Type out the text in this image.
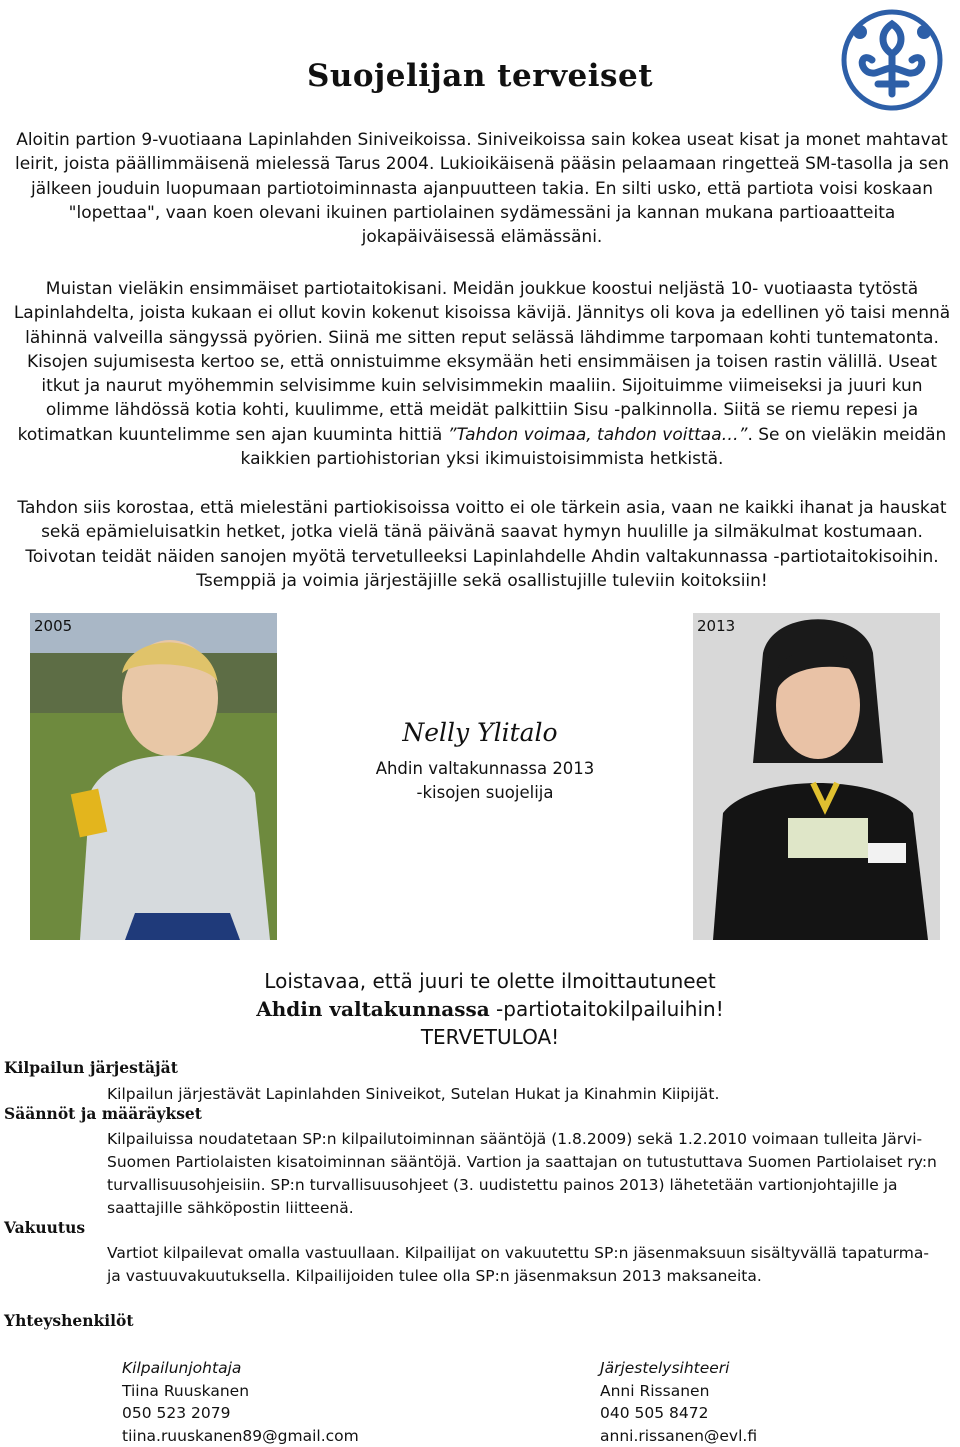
Suojelijan terveiset

Aloitin partion 9-vuotiaana Lapinlahden Siniveikoissa. Siniveikoissa sain kokea useat kisat ja monet mahtavat leirit, joista päällimmäisenä mielessä Tarus 2004. Lukioikäisenä pääsin pelaamaan ringetteä SM-tasolla ja sen jälkeen jouduin luopumaan partiotoiminnasta ajanpuutteen takia. En silti usko, että partiota voisi koskaan "lopettaa", vaan koen olevani ikuinen partiolainen sydämessäni ja kannan mukana partioaatteita jokapäiväisessä elämässäni.

Muistan vieläkin ensimmäiset partiotaitokisani. Meidän joukkue koostui neljästä 10- vuotiaasta tytöstä Lapinlahdelta, joista kukaan ei ollut kovin kokenut kisoissa kävijä. Jännitys oli kova ja edellinen yö taisi mennä lähinnä valveilla sängyssä pyörien. Siinä me sitten reput selässä lähdimme tarpomaan kohti tuntematonta. Kisojen sujumisesta kertoo se, että onnistuimme eksymään heti ensimmäisen ja toisen rastin välillä. Useat itkut ja naurut myöhemmin selvisimme kuin selvisimmekin maaliin. Sijoituimme viimeiseksi ja juuri kun olimme lähdössä kotia kohti, kuulimme, että meidät palkittiin Sisu -palkinnolla. Siitä se riemu repesi ja kotimatkan kuuntelimme sen ajan kuuminta hittiä ”Tahdon voimaa, tahdon voittaa…”. Se on vieläkin meidän kaikkien partiohistorian yksi ikimuistoisimmista hetkistä.

Tahdon siis korostaa, että mielestäni partiokisoissa voitto ei ole tärkein asia, vaan ne kaikki ihanat ja hauskat sekä epämieluisatkin hetket, jotka vielä tänä päivänä saavat hymyn huulille ja silmäkulmat kostumaan. Toivotan teidät näiden sanojen myötä tervetulleeksi Lapinlahdelle Ahdin valtakunnassa -partiotaitokisoihin. Tsemppiä ja voimia järjestäjille sekä osallistujille tuleviin koitoksiin!

2005	2013
Nelly Ylitalo
Ahdin valtakunnassa 2013
-kisojen suojelija
Loistavaa, että juuri te olette ilmoittautuneet
Ahdin valtakunnassa -partiotaitokilpailuihin!
TERVETULOA!
Kilpailun järjestäjät
Kilpailun järjestävät Lapinlahden Siniveikot, Sutelan Hukat ja Kinahmin Kiipijät.
Säännöt ja määräykset
Kilpailuissa noudatetaan SP:n kilpailutoiminnan sääntöjä (1.8.2009) sekä 1.2.2010 voimaan tulleita Järvi-Suomen Partiolaisten kisatoiminnan sääntöjä. Vartion ja saattajan on tutustuttava Suomen Partiolaiset ry:n turvallisuusohjeisiin. SP:n turvallisuusohjeet (3. uudistettu painos 2013) lähetetään vartionjohtajille ja saattajille sähköpostin liitteenä.
Vakuutus
Vartiot kilpailevat omalla vastuullaan. Kilpailijat on vakuutettu SP:n jäsenmaksuun sisältyvällä tapaturma- ja vastuuvakuutuksella. Kilpailijoiden tulee olla SP:n jäsenmaksun 2013 maksaneita.
Yhteyshenkilöt
Kilpailunjohtaja
Tiina Ruuskanen
050 523 2079
tiina.ruuskanen89@gmail.com
Järjestelysihteeri
Anni Rissanen
040 505 8472
anni.rissanen@evl.fi
